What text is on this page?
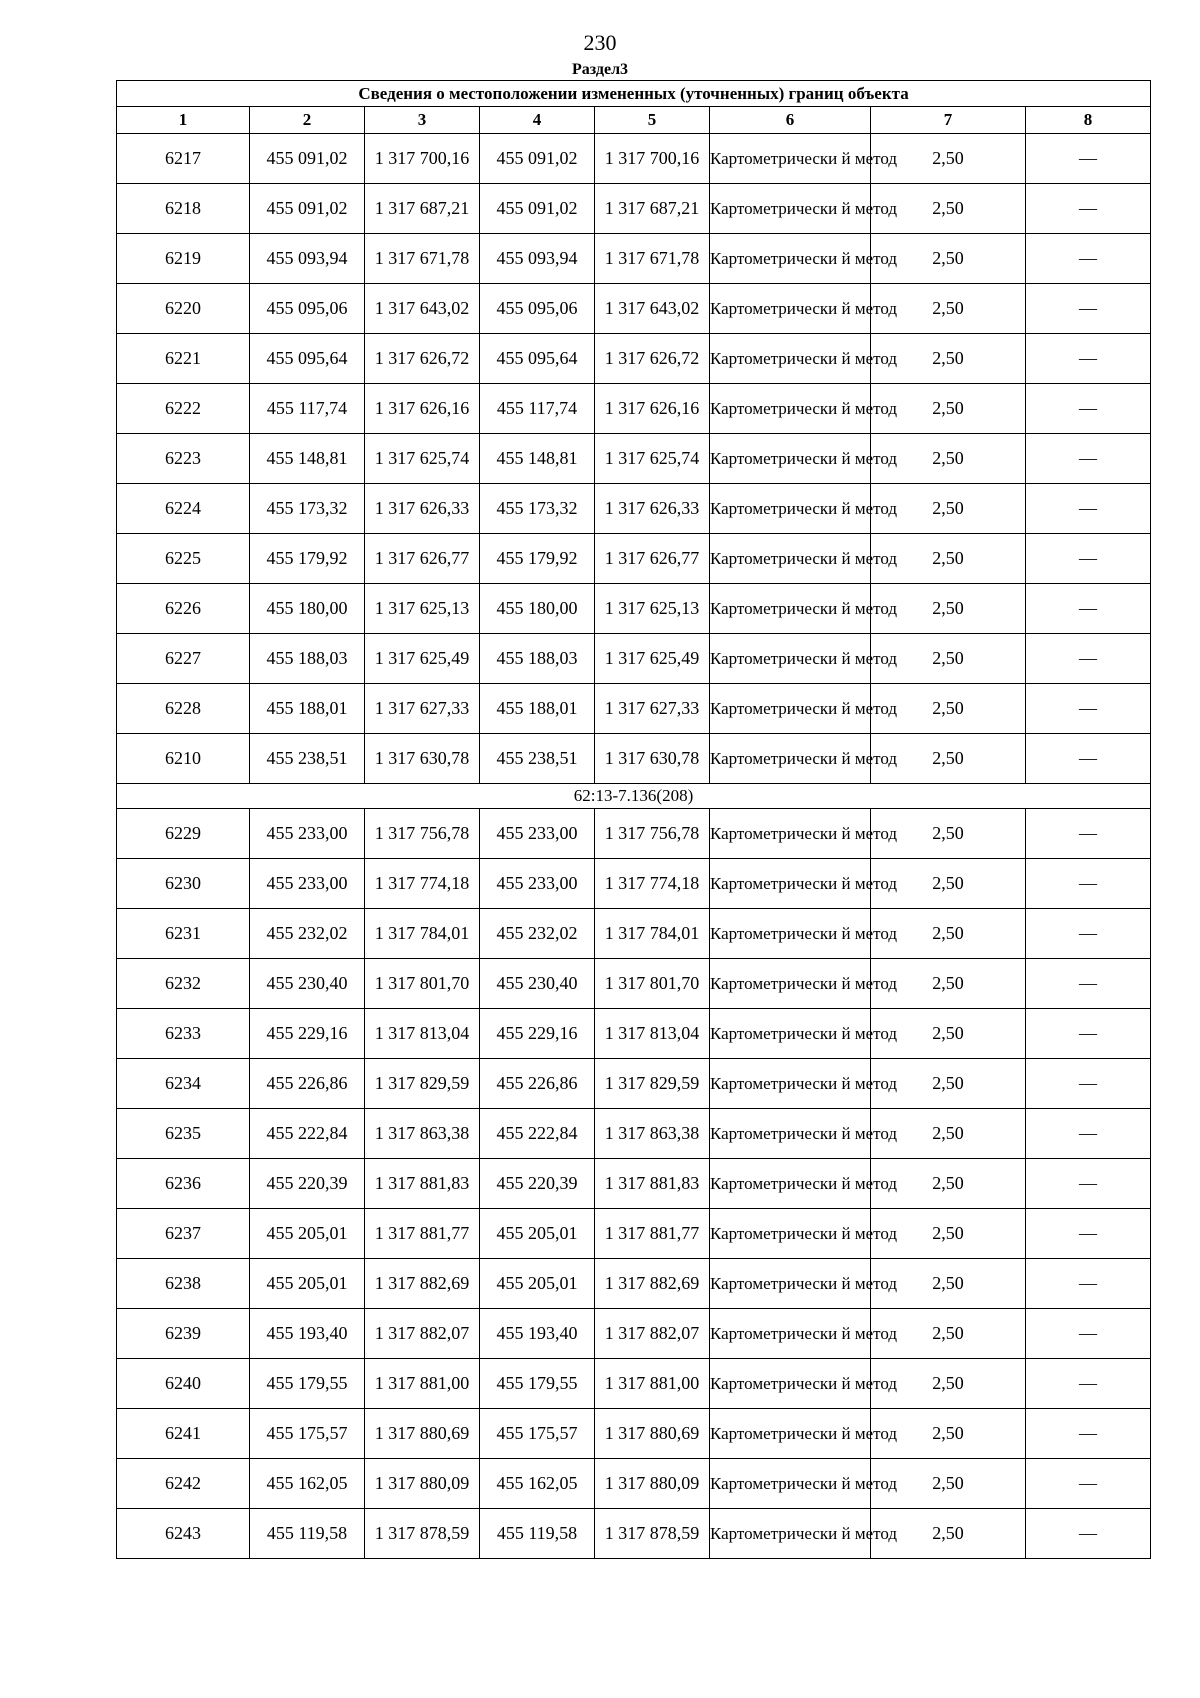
230
Раздел3
Сведения о местоположении измененных (уточненных) границ объекта							
1	2	3	4	5	6	7	8
6217	455 091,02	1 317 700,16	455 091,02	1 317 700,16	Картометрически й метод	2,50	—
6218	455 091,02	1 317 687,21	455 091,02	1 317 687,21	Картометрически й метод	2,50	—
6219	455 093,94	1 317 671,78	455 093,94	1 317 671,78	Картометрически й метод	2,50	—
6220	455 095,06	1 317 643,02	455 095,06	1 317 643,02	Картометрически й метод	2,50	—
6221	455 095,64	1 317 626,72	455 095,64	1 317 626,72	Картометрически й метод	2,50	—
6222	455 117,74	1 317 626,16	455 117,74	1 317 626,16	Картометрически й метод	2,50	—
6223	455 148,81	1 317 625,74	455 148,81	1 317 625,74	Картометрически й метод	2,50	—
6224	455 173,32	1 317 626,33	455 173,32	1 317 626,33	Картометрически й метод	2,50	—
6225	455 179,92	1 317 626,77	455 179,92	1 317 626,77	Картометрически й метод	2,50	—
6226	455 180,00	1 317 625,13	455 180,00	1 317 625,13	Картометрически й метод	2,50	—
6227	455 188,03	1 317 625,49	455 188,03	1 317 625,49	Картометрически й метод	2,50	—
6228	455 188,01	1 317 627,33	455 188,01	1 317 627,33	Картометрически й метод	2,50	—
6210	455 238,51	1 317 630,78	455 238,51	1 317 630,78	Картометрически й метод	2,50	—
62:13-7.136(208)							
6229	455 233,00	1 317 756,78	455 233,00	1 317 756,78	Картометрически й метод	2,50	—
6230	455 233,00	1 317 774,18	455 233,00	1 317 774,18	Картометрически й метод	2,50	—
6231	455 232,02	1 317 784,01	455 232,02	1 317 784,01	Картометрически й метод	2,50	—
6232	455 230,40	1 317 801,70	455 230,40	1 317 801,70	Картометрически й метод	2,50	—
6233	455 229,16	1 317 813,04	455 229,16	1 317 813,04	Картометрически й метод	2,50	—
6234	455 226,86	1 317 829,59	455 226,86	1 317 829,59	Картометрически й метод	2,50	—
6235	455 222,84	1 317 863,38	455 222,84	1 317 863,38	Картометрически й метод	2,50	—
6236	455 220,39	1 317 881,83	455 220,39	1 317 881,83	Картометрически й метод	2,50	—
6237	455 205,01	1 317 881,77	455 205,01	1 317 881,77	Картометрически й метод	2,50	—
6238	455 205,01	1 317 882,69	455 205,01	1 317 882,69	Картометрически й метод	2,50	—
6239	455 193,40	1 317 882,07	455 193,40	1 317 882,07	Картометрически й метод	2,50	—
6240	455 179,55	1 317 881,00	455 179,55	1 317 881,00	Картометрически й метод	2,50	—
6241	455 175,57	1 317 880,69	455 175,57	1 317 880,69	Картометрически й метод	2,50	—
6242	455 162,05	1 317 880,09	455 162,05	1 317 880,09	Картометрически й метод	2,50	—
6243	455 119,58	1 317 878,59	455 119,58	1 317 878,59	Картометрически й метод	2,50	—
